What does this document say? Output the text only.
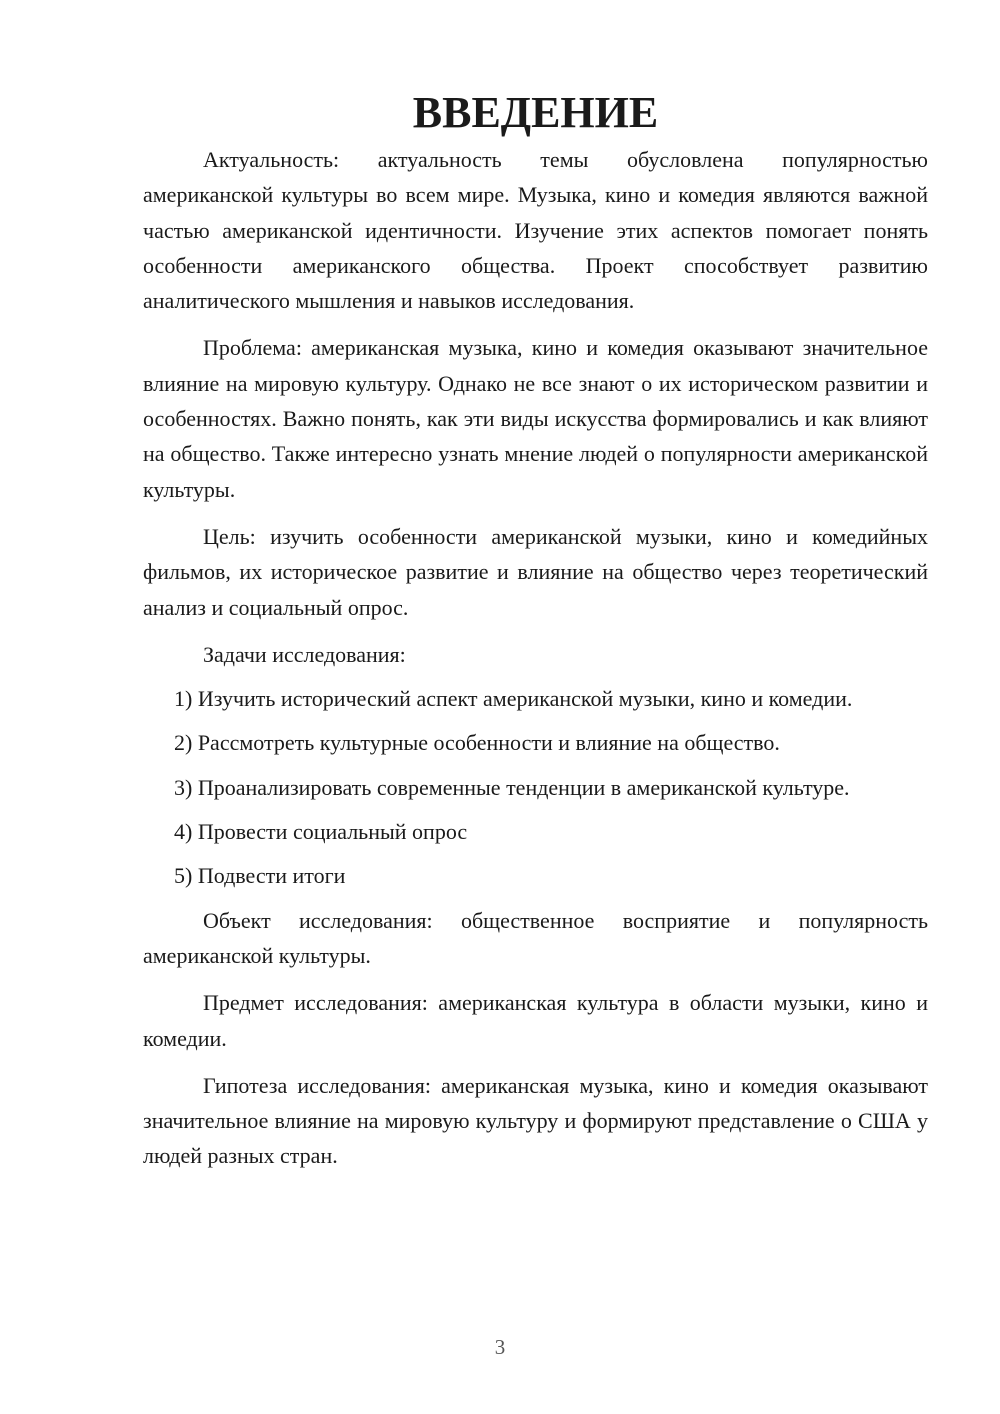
ВВЕДЕНИЕ

Актуальность: актуальность темы обусловлена популярностью американской культуры во всем мире. Музыка, кино и комедия являются важной частью американской идентичности. Изучение этих аспектов помогает понять особенности американского общества. Проект способствует развитию аналитического мышления и навыков исследования.

Проблема: американская музыка, кино и комедия оказывают значительное влияние на мировую культуру. Однако не все знают о их историческом развитии и особенностях. Важно понять, как эти виды искусства формировались и как влияют на общество. Также интересно узнать мнение людей о популярности американской культуры.

Цель: изучить особенности американской музыки, кино и комедийных фильмов, их историческое развитие и влияние на общество через теоретический анализ и социальный опрос.

Задачи исследования:

1) Изучить исторический аспект американской музыки, кино и комедии.

2) Рассмотреть культурные особенности и влияние на общество.

3) Проанализировать современные тенденции в американской культуре.

4) Провести социальный опрос

5) Подвести итоги

Объект исследования: общественное восприятие и популярность американской культуры.

Предмет исследования: американская культура в области музыки, кино и комедии.

Гипотеза исследования: американская музыка, кино и комедия оказывают значительное влияние на мировую культуру и формируют представление о США у людей разных стран.

3
